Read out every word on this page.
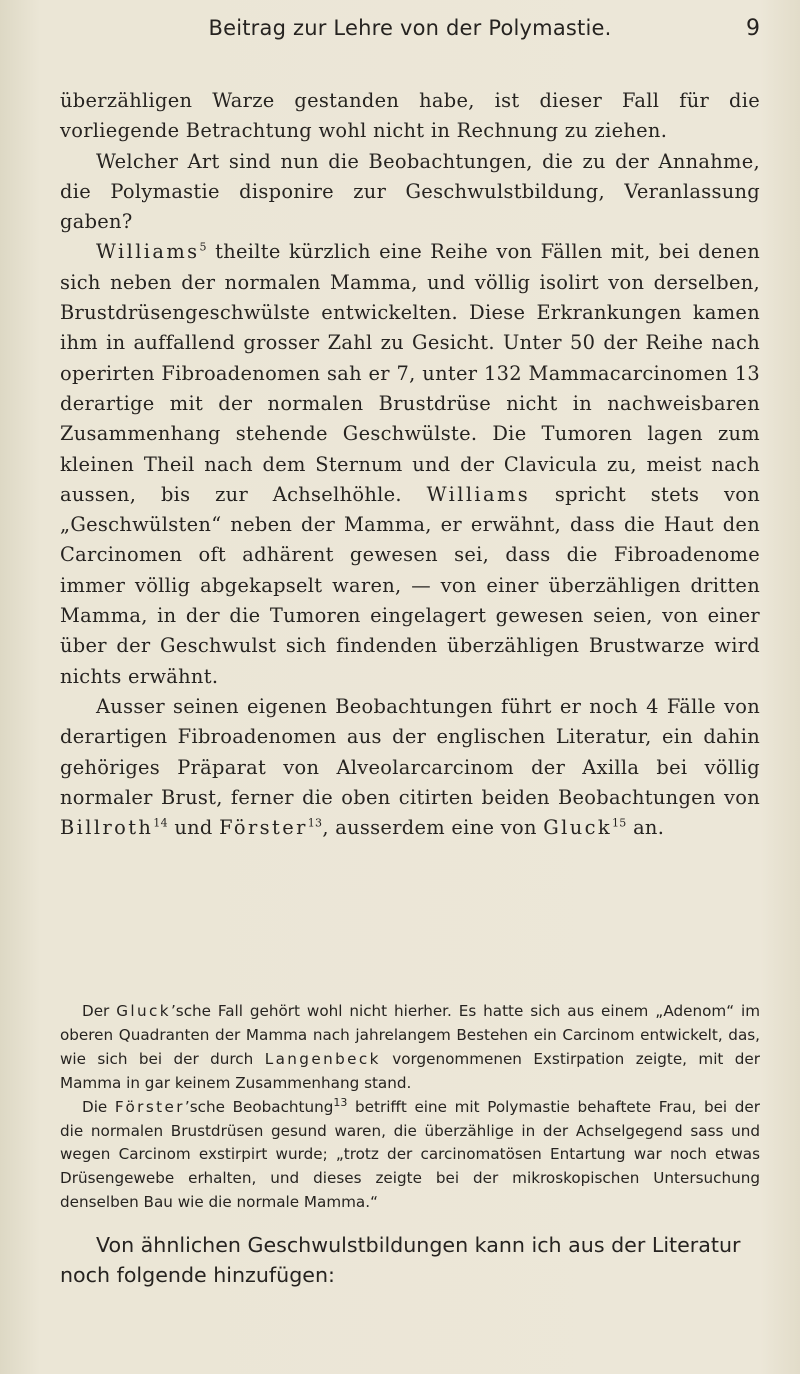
Beitrag zur Lehre von der Polymastie.	9

überzähligen Warze gestanden habe, ist dieser Fall für die vorliegende Betrachtung wohl nicht in Rechnung zu ziehen.

Welcher Art sind nun die Beobachtungen, die zu der Annahme, die Polymastie disponire zur Geschwulstbildung, Veranlassung gaben?

Williams$^5$ theilte kürzlich eine Reihe von Fällen mit, bei denen sich neben der normalen Mamma, und völlig isolirt von derselben, Brustdrüsengeschwülste entwickelten. Diese Erkrankungen kamen ihm in auffallend grosser Zahl zu Gesicht. Unter 50 der Reihe nach operirten Fibroadenomen sah er 7, unter 132 Mammacarcinomen 13 derartige mit der normalen Brustdrüse nicht in nachweisbaren Zusammenhang stehende Geschwülste. Die Tumoren lagen zum kleinen Theil nach dem Sternum und der Clavicula zu, meist nach aussen, bis zur Achselhöhle. Williams spricht stets von „Geschwülsten“ neben der Mamma, er erwähnt, dass die Haut den Carcinomen oft adhärent gewesen sei, dass die Fibroadenome immer völlig abgekapselt waren, — von einer überzähligen dritten Mamma, in der die Tumoren eingelagert gewesen seien, von einer über der Geschwulst sich findenden überzähligen Brustwarze wird nichts erwähnt.

Ausser seinen eigenen Beobachtungen führt er noch 4 Fälle von derartigen Fibroadenomen aus der englischen Literatur, ein dahin gehöriges Präparat von Alveolarcarcinom der Axilla bei völlig normaler Brust, ferner die oben citirten beiden Beobachtungen von Billroth$^{14}$ und Förster$^{13}$, ausserdem eine von Gluck$^{15}$ an.

Der Gluck’sche Fall gehört wohl nicht hierher. Es hatte sich aus einem „Adenom“ im oberen Quadranten der Mamma nach jahrelangem Bestehen ein Carcinom entwickelt, das, wie sich bei der durch Langenbeck vorgenommenen Exstirpation zeigte, mit der Mamma in gar keinem Zusammenhang stand.

Die Förster’sche Beobachtung$^{13}$ betrifft eine mit Polymastie behaftete Frau, bei der die normalen Brustdrüsen gesund waren, die überzählige in der Achselgegend sass und wegen Carcinom exstirpirt wurde; „trotz der carcinomatösen Entartung war noch etwas Drüsengewebe erhalten, und dieses zeigte bei der mikroskopischen Untersuchung denselben Bau wie die normale Mamma.“

Von ähnlichen Geschwulstbildungen kann ich aus der Literatur noch folgende hinzufügen:
